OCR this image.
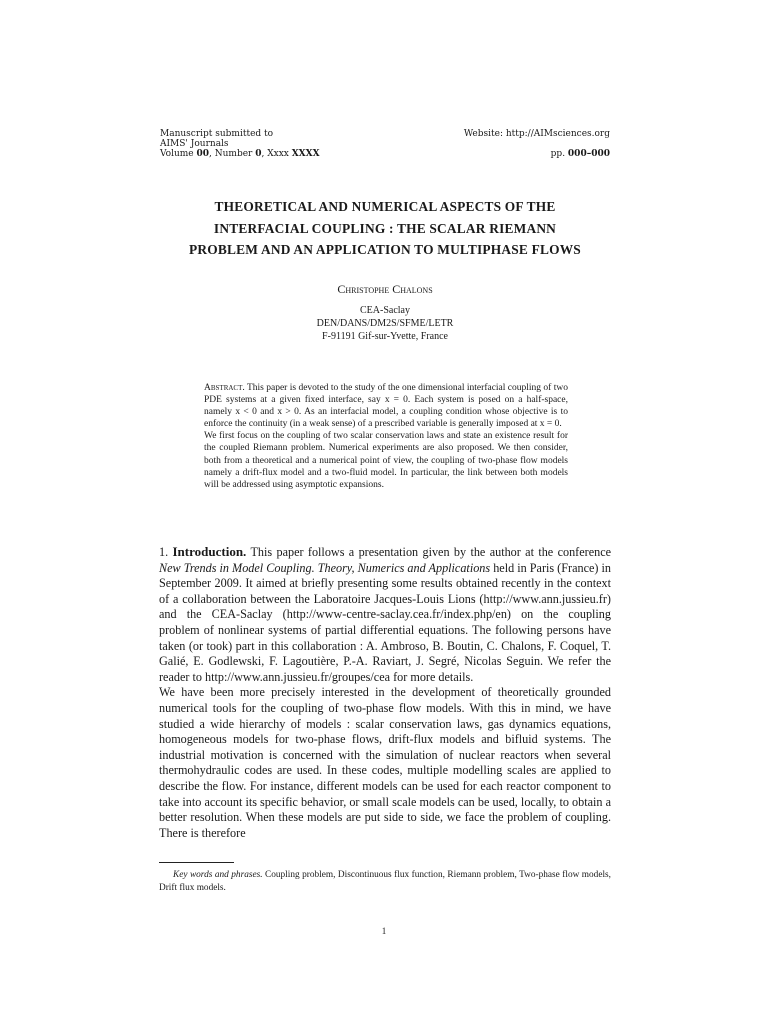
Manuscript submitted to
AIMS' Journals
Volume 00, Number 0, Xxxx XXXX
Website: http://AIMsciences.org
pp. 000–000
THEORETICAL AND NUMERICAL ASPECTS OF THE
INTERFACIAL COUPLING : THE SCALAR RIEMANN
PROBLEM AND AN APPLICATION TO MULTIPHASE FLOWS
Christophe Chalons
CEA-Saclay
DEN/DANS/DM2S/SFME/LETR
F-91191 Gif-sur-Yvette, France

Abstract. This paper is devoted to the study of the one dimensional interfacial coupling of two PDE systems at a given fixed interface, say x = 0. Each system is posed on a half-space, namely x < 0 and x > 0. As an interfacial model, a coupling condition whose objective is to enforce the continuity (in a weak sense) of a prescribed variable is generally imposed at x = 0.

We first focus on the coupling of two scalar conservation laws and state an existence result for the coupled Riemann problem. Numerical experiments are also proposed. We then consider, both from a theoretical and a numerical point of view, the coupling of two-phase flow models namely a drift-flux model and a two-fluid model. In particular, the link between both models will be addressed using asymptotic expansions.

1. Introduction. This paper follows a presentation given by the author at the conference New Trends in Model Coupling. Theory, Numerics and Applications held in Paris (France) in September 2009. It aimed at briefly presenting some results obtained recently in the context of a collaboration between the Laboratoire Jacques-Louis Lions (http://www.ann.jussieu.fr) and the CEA-Saclay (http://www-centre-saclay.cea.fr/index.php/en) on the coupling problem of nonlinear systems of partial differential equations. The following persons have taken (or took) part in this collaboration : A. Ambroso, B. Boutin, C. Chalons, F. Coquel, T. Galié, E. Godlewski, F. Lagoutière, P.-A. Raviart, J. Segré, Nicolas Seguin. We refer the reader to http://www.ann.jussieu.fr/groupes/cea for more details.

We have been more precisely interested in the development of theoretically grounded numerical tools for the coupling of two-phase flow models. With this in mind, we have studied a wide hierarchy of models : scalar conservation laws, gas dynamics equations, homogeneous models for two-phase flows, drift-flux models and bifluid systems. The industrial motivation is concerned with the simulation of nuclear reactors when several thermohydraulic codes are used. In these codes, multiple modelling scales are applied to describe the flow. For instance, different models can be used for each reactor component to take into account its specific behavior, or small scale models can be used, locally, to obtain a better resolution. When these models are put side to side, we face the problem of coupling. There is therefore

Key words and phrases. Coupling problem, Discontinuous flux function, Riemann problem, Two-phase flow models, Drift flux models.

1
